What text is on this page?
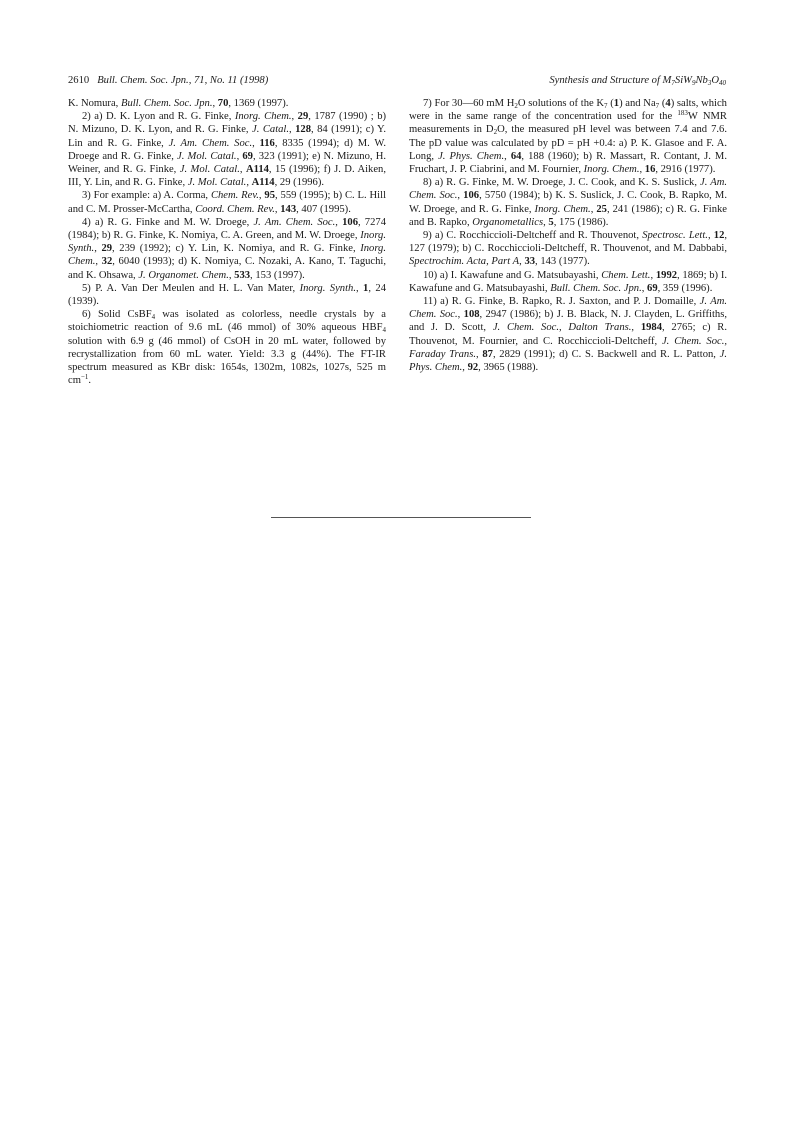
2610 Bull. Chem. Soc. Jpn., 71, No. 11 (1998)	Synthesis and Structure of $M_7SiW_9Nb_3O_{40}$

K. Nomura, Bull. Chem. Soc. Jpn., 70, 1369 (1997).

2) a) D. K. Lyon and R. G. Finke, Inorg. Chem., 29, 1787 (1990) ; b) N. Mizuno, D. K. Lyon, and R. G. Finke, J. Catal., 128, 84 (1991); c) Y. Lin and R. G. Finke, J. Am. Chem. Soc., 116, 8335 (1994); d) M. W. Droege and R. G. Finke, J. Mol. Catal., 69, 323 (1991); e) N. Mizuno, H. Weiner, and R. G. Finke, J. Mol. Catal., A114, 15 (1996); f) J. D. Aiken, III, Y. Lin, and R. G. Finke, J. Mol. Catal., A114, 29 (1996).

3) For example: a) A. Corma, Chem. Rev., 95, 559 (1995); b) C. L. Hill and C. M. Prosser-McCartha, Coord. Chem. Rev., 143, 407 (1995).

4) a) R. G. Finke and M. W. Droege, J. Am. Chem. Soc., 106, 7274 (1984); b) R. G. Finke, K. Nomiya, C. A. Green, and M. W. Droege, Inorg. Synth., 29, 239 (1992); c) Y. Lin, K. Nomiya, and R. G. Finke, Inorg. Chem., 32, 6040 (1993); d) K. Nomiya, C. Nozaki, A. Kano, T. Taguchi, and K. Ohsawa, J. Organomet. Chem., 533, 153 (1997).

5) P. A. Van Der Meulen and H. L. Van Mater, Inorg. Synth., 1, 24 (1939).

6) Solid CsBF$_4$ was isolated as colorless, needle crystals by a stoichiometric reaction of 9.6 mL (46 mmol) of 30% aqueous $HBF_4$ solution with 6.9 g (46 mmol) of CsOH in 20 mL water, followed by recrystallization from 60 mL water. Yield: 3.3 g (44%). The FT-IR spectrum measured as KBr disk: 1654s, 1302m, 1082s, 1027s, 525 m $cm^{-1}$.

7) For 30—60 mM $H_2O$ solutions of the $K_7$ (1) and $Na_7$ (4) salts, which were in the same range of the concentration used for the $^{183}$W NMR measurements in $D_2O$, the measured pH level was between 7.4 and 7.6. The pD value was calculated by pD = pH +0.4: a) P. K. Glasoe and F. A. Long, J. Phys. Chem., 64, 188 (1960); b) R. Massart, R. Contant, J. M. Fruchart, J. P. Ciabrini, and M. Fournier, Inorg. Chem., 16, 2916 (1977).

8) a) R. G. Finke, M. W. Droege, J. C. Cook, and K. S. Suslick, J. Am. Chem. Soc., 106, 5750 (1984); b) K. S. Suslick, J. C. Cook, B. Rapko, M. W. Droege, and R. G. Finke, Inorg. Chem., 25, 241 (1986); c) R. G. Finke and B. Rapko, Organometallics, 5, 175 (1986).

9) a) C. Rocchiccioli-Deltcheff and R. Thouvenot, Spectrosc. Lett., 12, 127 (1979); b) C. Rocchiccioli-Deltcheff, R. Thouvenot, and M. Dabbabi, Spectrochim. Acta, Part A, 33, 143 (1977).

10) a) I. Kawafune and G. Matsubayashi, Chem. Lett., 1992, 1869; b) I. Kawafune and G. Matsubayashi, Bull. Chem. Soc. Jpn., 69, 359 (1996).

11) a) R. G. Finke, B. Rapko, R. J. Saxton, and P. J. Domaille, J. Am. Chem. Soc., 108, 2947 (1986); b) J. B. Black, N. J. Clayden, L. Griffiths, and J. D. Scott, J. Chem. Soc., Dalton Trans., 1984, 2765; c) R. Thouvenot, M. Fournier, and C. Rocchiccioli-Deltcheff, J. Chem. Soc., Faraday Trans., 87, 2829 (1991); d) C. S. Backwell and R. L. Patton, J. Phys. Chem., 92, 3965 (1988).
